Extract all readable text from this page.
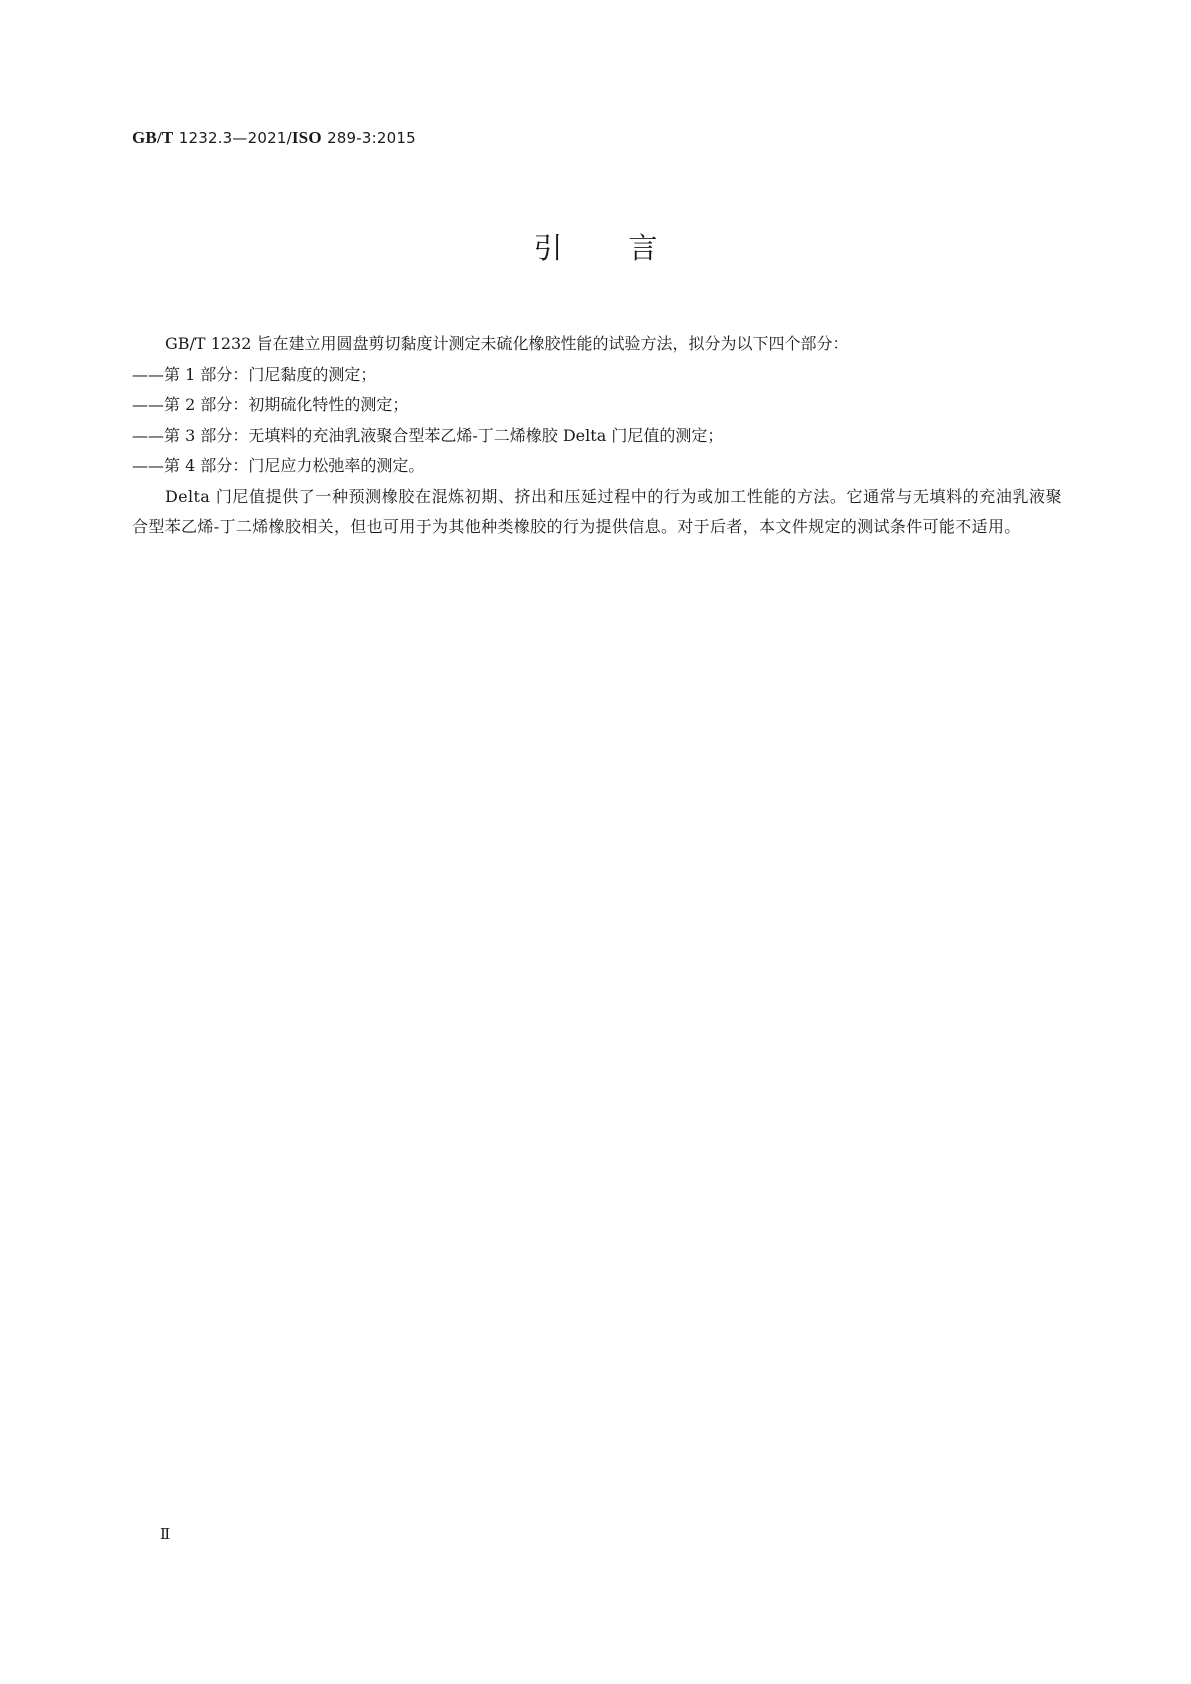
GB/T 1232.3—2021/ISO 289-3:2015
引言

GB/T 1232 旨在建立用圆盘剪切黏度计测定未硫化橡胶性能的试验方法，拟分为以下四个部分：

——第 1 部分：门尼黏度的测定；

——第 2 部分：初期硫化特性的测定；

——第 3 部分：无填料的充油乳液聚合型苯乙烯-丁二烯橡胶 Delta 门尼值的测定；

——第 4 部分：门尼应力松弛率的测定。

Delta 门尼值提供了一种预测橡胶在混炼初期、挤出和压延过程中的行为或加工性能的方法。它通常与无填料的充油乳液聚合型苯乙烯-丁二烯橡胶相关，但也可用于为其他种类橡胶的行为提供信息。对于后者，本文件规定的测试条件可能不适用。

Ⅱ
